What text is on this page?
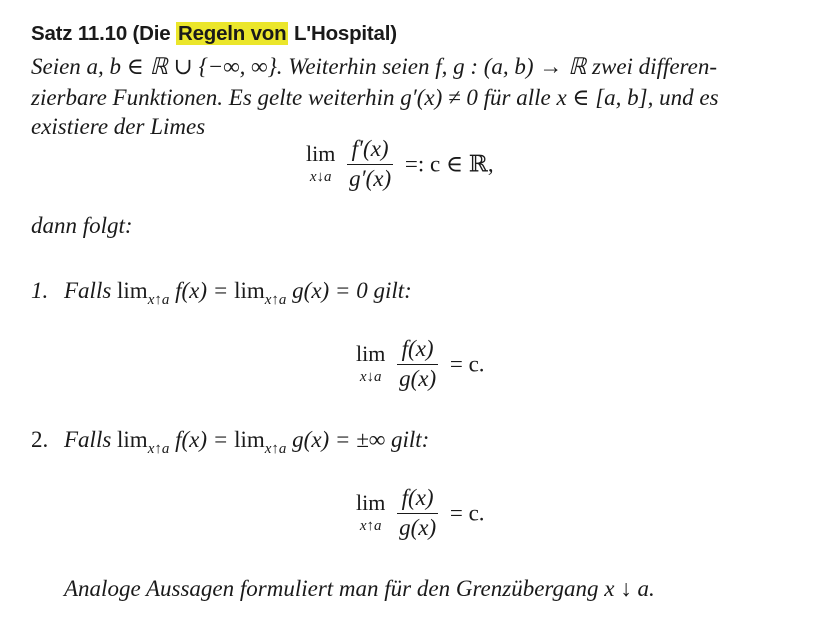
Satz 11.10 (Die Regeln von L'Hospital)
Seien a, b ∈ ℝ ∪ {−∞, ∞}. Weiterhin seien f, g : (a, b) → ℝ zwei differen-
zierbare Funktionen. Es gelte weiterhin g′(x) ≠ 0 für alle x ∈ [a, b], und es
existiere der Limes
lim
x↓a
$\frac{f'(x)}{g'(x)}$ =: c ∈ ℝ,
dann folgt:
1. Falls $\lim_{x↑a} f(x) = \lim_{x↑a} g(x) = 0$ gilt:
lim
x↓a
$\frac{f(x)}{g(x)} = c$.
2. Falls $\lim_{x↑a} f(x) = \lim_{x↑a} g(x)$ = ±∞ gilt:
lim
x↑a
$\frac{f(x)}{g(x)} = c$.
Analoge Aussagen formuliert man für den Grenzübergang x ↓ a.
